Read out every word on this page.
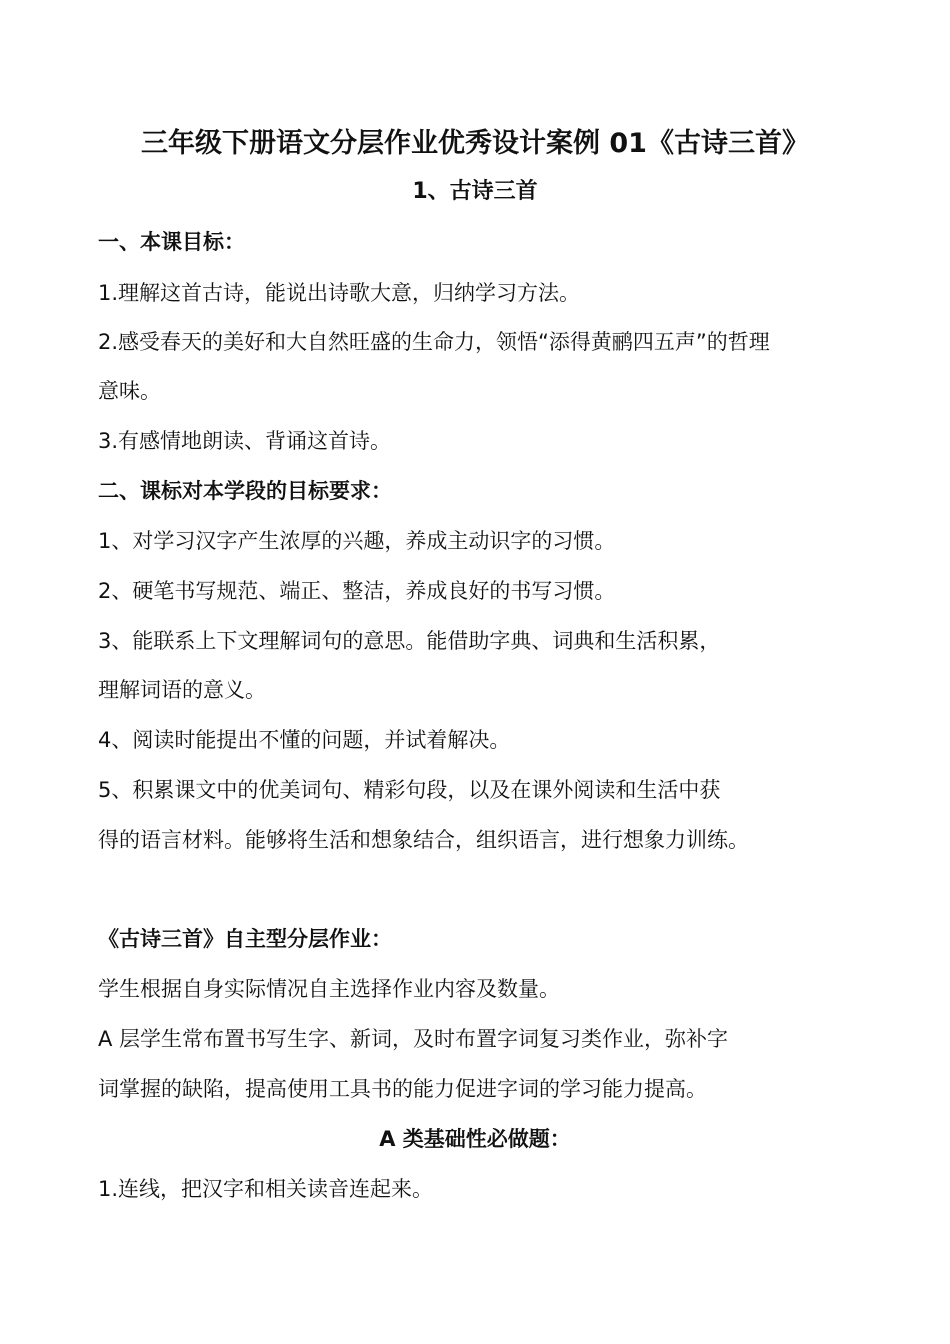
三年级下册语文分层作业优秀设计案例 01《古诗三首》
1、古诗三首
一、本课目标：
1.理解这首古诗，能说出诗歌大意，归纳学习方法。
2.感受春天的美好和大自然旺盛的生命力，领悟“添得黄鹂四五声”的哲理
意味。
3.有感情地朗读、背诵这首诗。
二、课标对本学段的目标要求：
1、对学习汉字产生浓厚的兴趣，养成主动识字的习惯。
2、硬笔书写规范、端正、整洁，养成良好的书写习惯。
3、能联系上下文理解词句的意思。能借助字典、词典和生活积累，
理解词语的意义。
4、阅读时能提出不懂的问题，并试着解决。
5、积累课文中的优美词句、精彩句段，以及在课外阅读和生活中获
得的语言材料。能够将生活和想象结合，组织语言，进行想象力训练。
《古诗三首》自主型分层作业：
学生根据自身实际情况自主选择作业内容及数量。
A 层学生常布置书写生字、新词，及时布置字词复习类作业，弥补字
词掌握的缺陷，提高使用工具书的能力促进字词的学习能力提高。
A 类基础性必做题：
1.连线，把汉字和相关读音连起来。
